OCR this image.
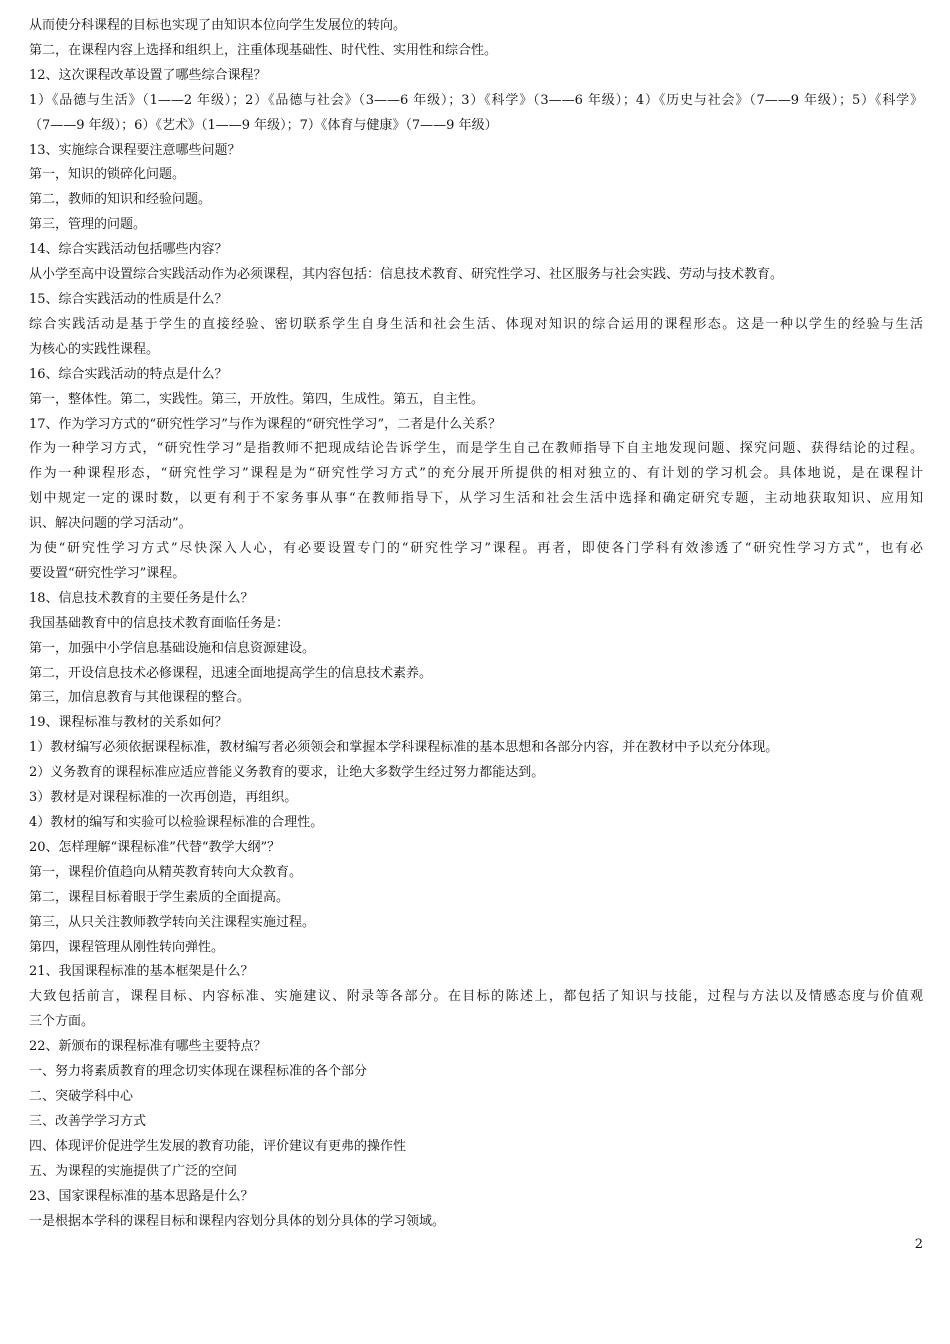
从而使分科课程的目标也实现了由知识本位向学生发展位的转向。

第二，在课程内容上选择和组织上，注重体现基础性、时代性、实用性和综合性。

12、这次课程改革设置了哪些综合课程？

1）《品德与生活》（1——2 年级）；2）《品德与社会》（3——6 年级）；3）《科学》（3——6 年级）；4）《历史与社会》（7——9 年级）；5）《科学》

（7——9 年级）；6）《艺术》（1——9 年级）；7）《体育与健康》（7——9 年级）

13、实施综合课程要注意哪些问题？

第一，知识的锁碎化问题。

第二，教师的知识和经验问题。

第三，管理的问题。

14、综合实践活动包括哪些内容？

从小学至高中设置综合实践活动作为必须课程，其内容包括：信息技术教育、研究性学习、社区服务与社会实践、劳动与技术教育。

15、综合实践活动的性质是什么？

综合实践活动是基于学生的直接经验、密切联系学生自身生活和社会生活、体现对知识的综合运用的课程形态。这是一种以学生的经验与生活

为核心的实践性课程。

16、综合实践活动的特点是什么？

第一，整体性。第二，实践性。第三，开放性。第四，生成性。第五，自主性。

17、作为学习方式的“研究性学习”与作为课程的“研究性学习”，二者是什么关系？

作为一种学习方式，“研究性学习”是指教师不把现成结论告诉学生，而是学生自己在教师指导下自主地发现问题、探究问题、获得结论的过程。

作为一种课程形态，“研究性学习”课程是为“研究性学习方式”的充分展开所提供的相对独立的、有计划的学习机会。具体地说，是在课程计

划中规定一定的课时数，以更有利于不家务事从事“在教师指导下，从学习生活和社会生活中选择和确定研究专题，主动地获取知识、应用知

识、解决问题的学习活动”。

为使“研究性学习方式”尽快深入人心，有必要设置专门的“研究性学习”课程。再者，即使各门学科有效渗透了“研究性学习方式”，也有必

要设置“研究性学习”课程。

18、信息技术教育的主要任务是什么？

我国基础教育中的信息技术教育面临任务是：

第一，加强中小学信息基础设施和信息资源建设。

第二，开设信息技术必修课程，迅速全面地提高学生的信息技术素养。

第三，加信息教育与其他课程的整合。

19、课程标准与教材的关系如何？

1）教材编写必须依据课程标准，教材编写者必须领会和掌握本学科课程标准的基本思想和各部分内容，并在教材中予以充分体现。

2）义务教育的课程标准应适应普能义务教育的要求，让绝大多数学生经过努力都能达到。

3）教材是对课程标准的一次再创造，再组织。

4）教材的编写和实验可以检验课程标准的合理性。

20、怎样理解“课程标准”代替“教学大纲”？

第一，课程价值趋向从精英教育转向大众教育。

第二，课程目标着眼于学生素质的全面提高。

第三，从只关注教师教学转向关注课程实施过程。

第四，课程管理从刚性转向弹性。

21、我国课程标准的基本框架是什么？

大致包括前言，课程目标、内容标准、实施建议、附录等各部分。在目标的陈述上，都包括了知识与技能，过程与方法以及情感态度与价值观

三个方面。

22、新颁布的课程标准有哪些主要特点？

一、努力将素质教育的理念切实体现在课程标准的各个部分

二、突破学科中心

三、改善学学习方式

四、体现评价促进学生发展的教育功能，评价建议有更弗的操作性

五、为课程的实施提供了广泛的空间

23、国家课程标准的基本思路是什么？

一是根据本学科的课程目标和课程内容划分具体的划分具体的学习领域。

2
